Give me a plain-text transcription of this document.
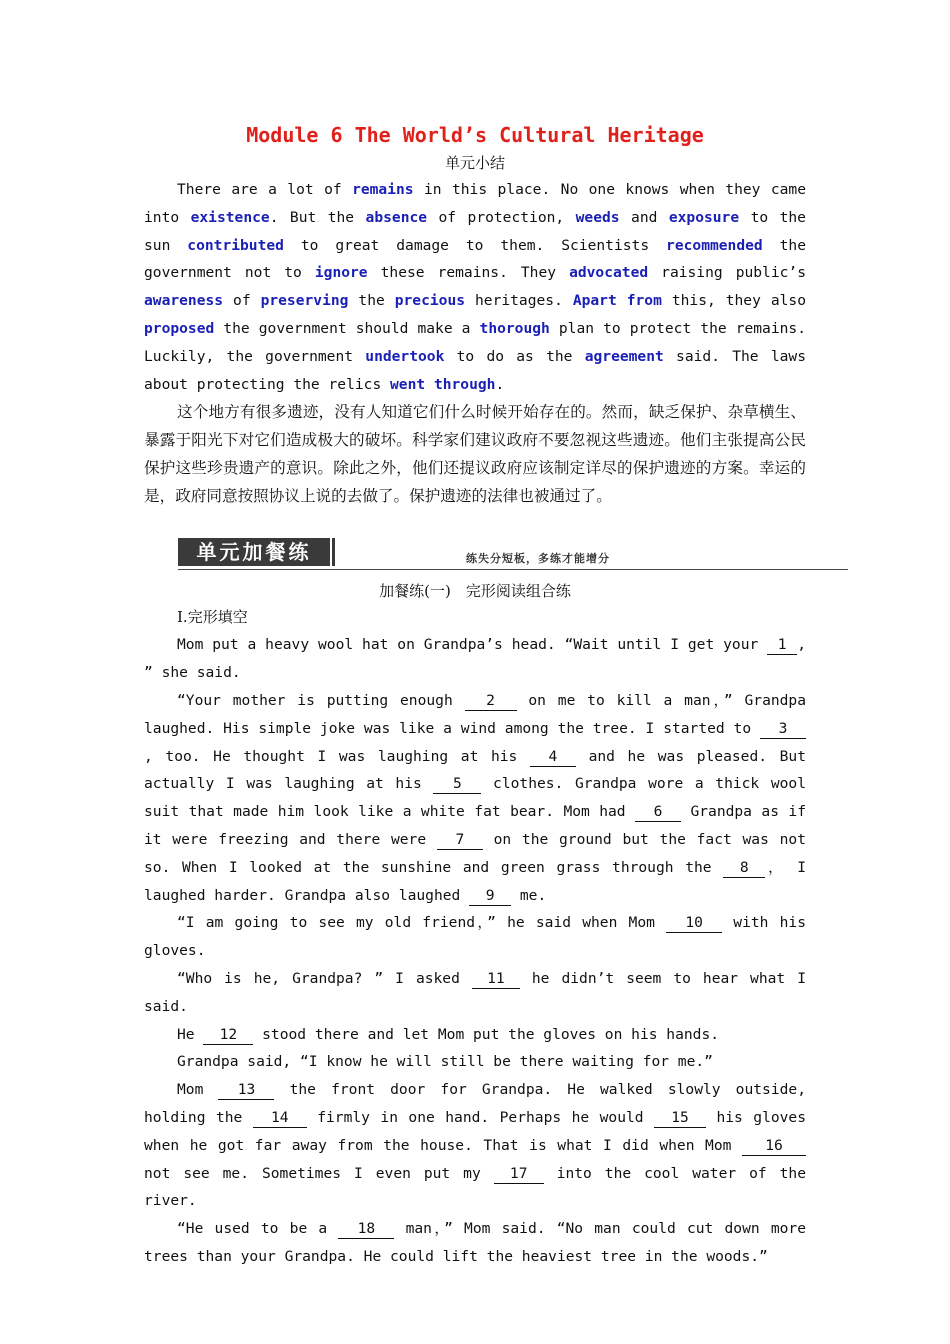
Module 6 The World’s Cultural Heritage

单元小结

There are a lot of remains in this place. No one knows when they came into existence. But the absence of protection, weeds and exposure to the sun contributed to great damage to them. Scientists recommended the government not to ignore these remains. They advocated raising public’s awareness of preserving the precious heritages. Apart from this, they also proposed the government should make a thorough plan to protect the remains. Luckily, the government undertook to do as the agreement said. The laws about protecting the relics went through.

这个地方有很多遗迹，没有人知道它们什么时候开始存在的。然而，缺乏保护、杂草横生、暴露于阳光下对它们造成极大的破坏。科学家们建议政府不要忽视这些遗迹。他们主张提高公民保护这些珍贵遗产的意识。除此之外，他们还提议政府应该制定详尽的保护遗迹的方案。幸运的是，政府同意按照协议上说的去做了。保护遗迹的法律也被通过了。

单元加餐练	练失分短板，多练才能增分

加餐练(一)　完形阅读组合练

Ⅰ.完形填空

Mom put a heavy wool hat on Grandpa’s head. “Wait until I get your 1 , ” she said.

“Your mother is putting enough 2 on me to kill a man，” Grandpa laughed. His simple joke was like a wind among the tree. I started to 3, too. He thought I was laughing at his 4 and he was pleased. But actually I was laughing at his 5 clothes. Grandpa wore a thick wool suit that made him look like a white fat bear. Mom had 6 Grandpa as if it were freezing and there were 7 on the ground but the fact was not so. When I looked at the sunshine and green grass through the 8 ， I laughed harder. Grandpa also laughed 9 me.

“I am going to see my old friend，” he said when Mom 10 with his gloves.

“Who is he, Grandpa? ” I asked 11 he didn’t seem to hear what I said.

He 12 stood there and let Mom put the gloves on his hands.

Grandpa said, “I know he will still be there waiting for me.”

Mom 13 the front door for Grandpa. He walked slowly outside, holding the 14 firmly in one hand. Perhaps he would 15 his gloves when he got far away from the house. That is what I did when Mom 16 not see me. Sometimes I even put my 17 into the cool water of the river.

“He used to be a 18 man，” Mom said. “No man could cut down more trees than your Grandpa. He could lift the heaviest tree in the woods.”
